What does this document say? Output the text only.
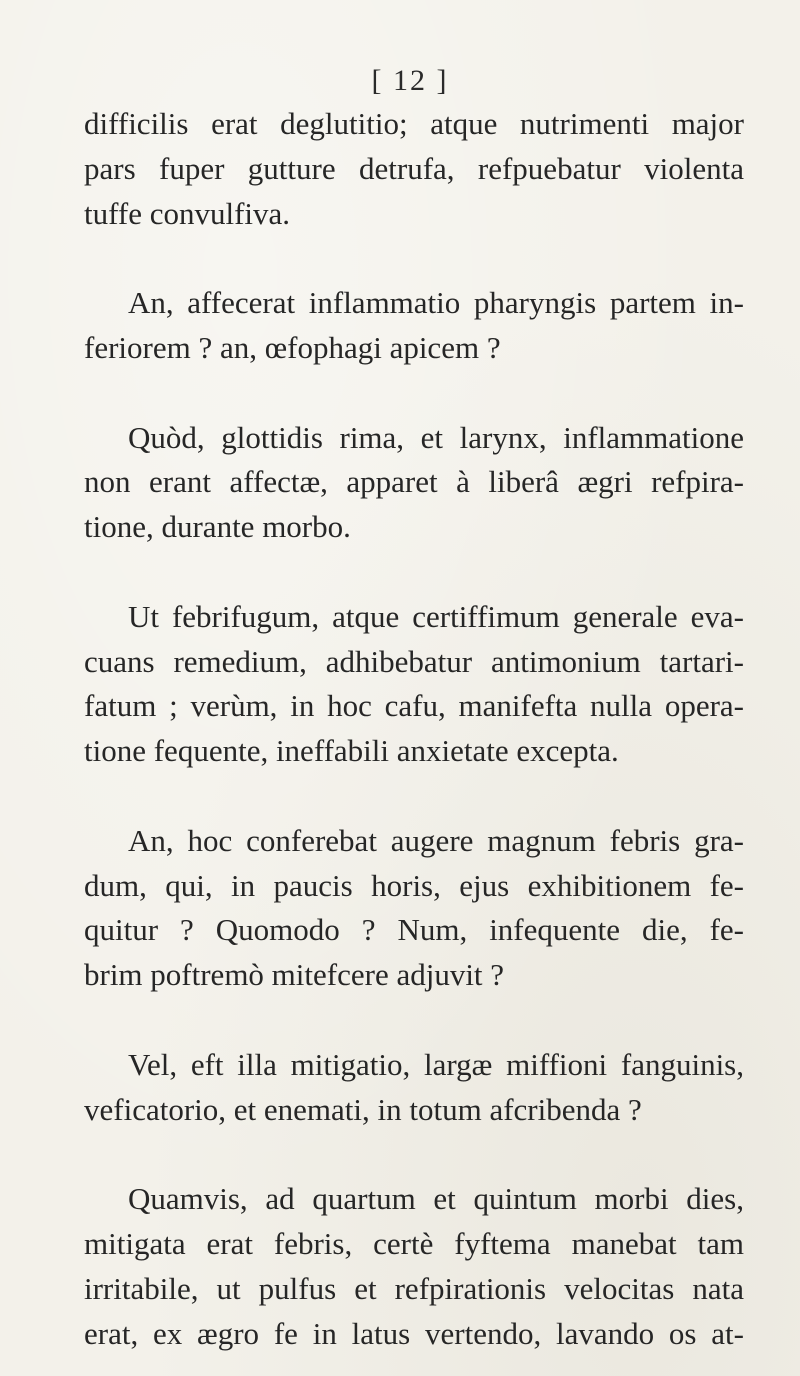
[ 12 ]

difficilis erat deglutitio; atque nutrimenti major
pars fuper gutture detrufa, refpuebatur violenta
tuffe convulfiva.

An, affecerat inflammatio pharyngis partem in-
feriorem ? an, œfophagi apicem ?

Quòd, glottidis rima, et larynx, inflammatione
non erant affectæ, apparet à liberâ ægri refpira-
tione, durante morbo.

Ut febrifugum, atque certiffimum generale eva-
cuans remedium, adhibebatur antimonium tartari-
fatum ; verùm, in hoc cafu, manifefta nulla opera-
tione fequente, ineffabili anxietate excepta.

An, hoc conferebat augere magnum febris gra-
dum, qui, in paucis horis, ejus exhibitionem fe-
quitur ? Quomodo ? Num, infequente die, fe-
brim poftremò mitefcere adjuvit ?

Vel, eft illa mitigatio, largæ miffioni fanguinis,
veficatorio, et enemati, in totum afcribenda ?

Quamvis, ad quartum et quintum morbi dies,
mitigata erat febris, certè fyftema manebat tam
irritabile, ut pulfus et refpirationis velocitas nata
erat, ex ægro fe in latus vertendo, lavando os at-
